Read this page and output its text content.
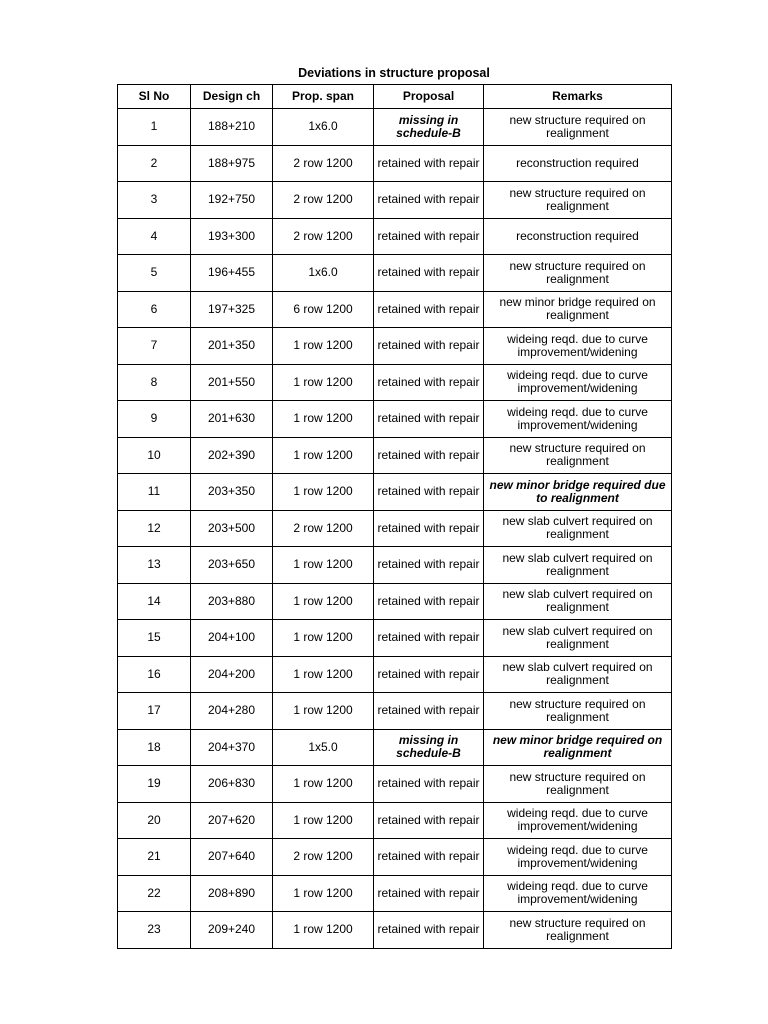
Deviations in structure proposal
Sl No	Design ch	Prop. span	Proposal	Remarks
1	188+210	1x6.0	missing in schedule-B	new structure required on realignment
2	188+975	2 row 1200	retained with repair	reconstruction required
3	192+750	2 row 1200	retained with repair	new structure required on realignment
4	193+300	2 row 1200	retained with repair	reconstruction required
5	196+455	1x6.0	retained with repair	new structure required on realignment
6	197+325	6 row 1200	retained with repair	new minor bridge required on realignment
7	201+350	1 row 1200	retained with repair	wideing reqd. due to curve improvement/widening
8	201+550	1 row 1200	retained with repair	wideing reqd. due to curve improvement/widening
9	201+630	1 row 1200	retained with repair	wideing reqd. due to curve improvement/widening
10	202+390	1 row 1200	retained with repair	new structure required on realignment
11	203+350	1 row 1200	retained with repair	new minor bridge required due to realignment
12	203+500	2 row 1200	retained with repair	new slab culvert required on realignment
13	203+650	1 row 1200	retained with repair	new slab culvert required on realignment
14	203+880	1 row 1200	retained with repair	new slab culvert required on realignment
15	204+100	1 row 1200	retained with repair	new slab culvert required on realignment
16	204+200	1 row 1200	retained with repair	new slab culvert required on realignment
17	204+280	1 row 1200	retained with repair	new structure required on realignment
18	204+370	1x5.0	missing in schedule-B	new minor bridge required on realignment
19	206+830	1 row 1200	retained with repair	new structure required on realignment
20	207+620	1 row 1200	retained with repair	wideing reqd. due to curve improvement/widening
21	207+640	2 row 1200	retained with repair	wideing reqd. due to curve improvement/widening
22	208+890	1 row 1200	retained with repair	wideing reqd. due to curve improvement/widening
23	209+240	1 row 1200	retained with repair	new structure required on realignment
